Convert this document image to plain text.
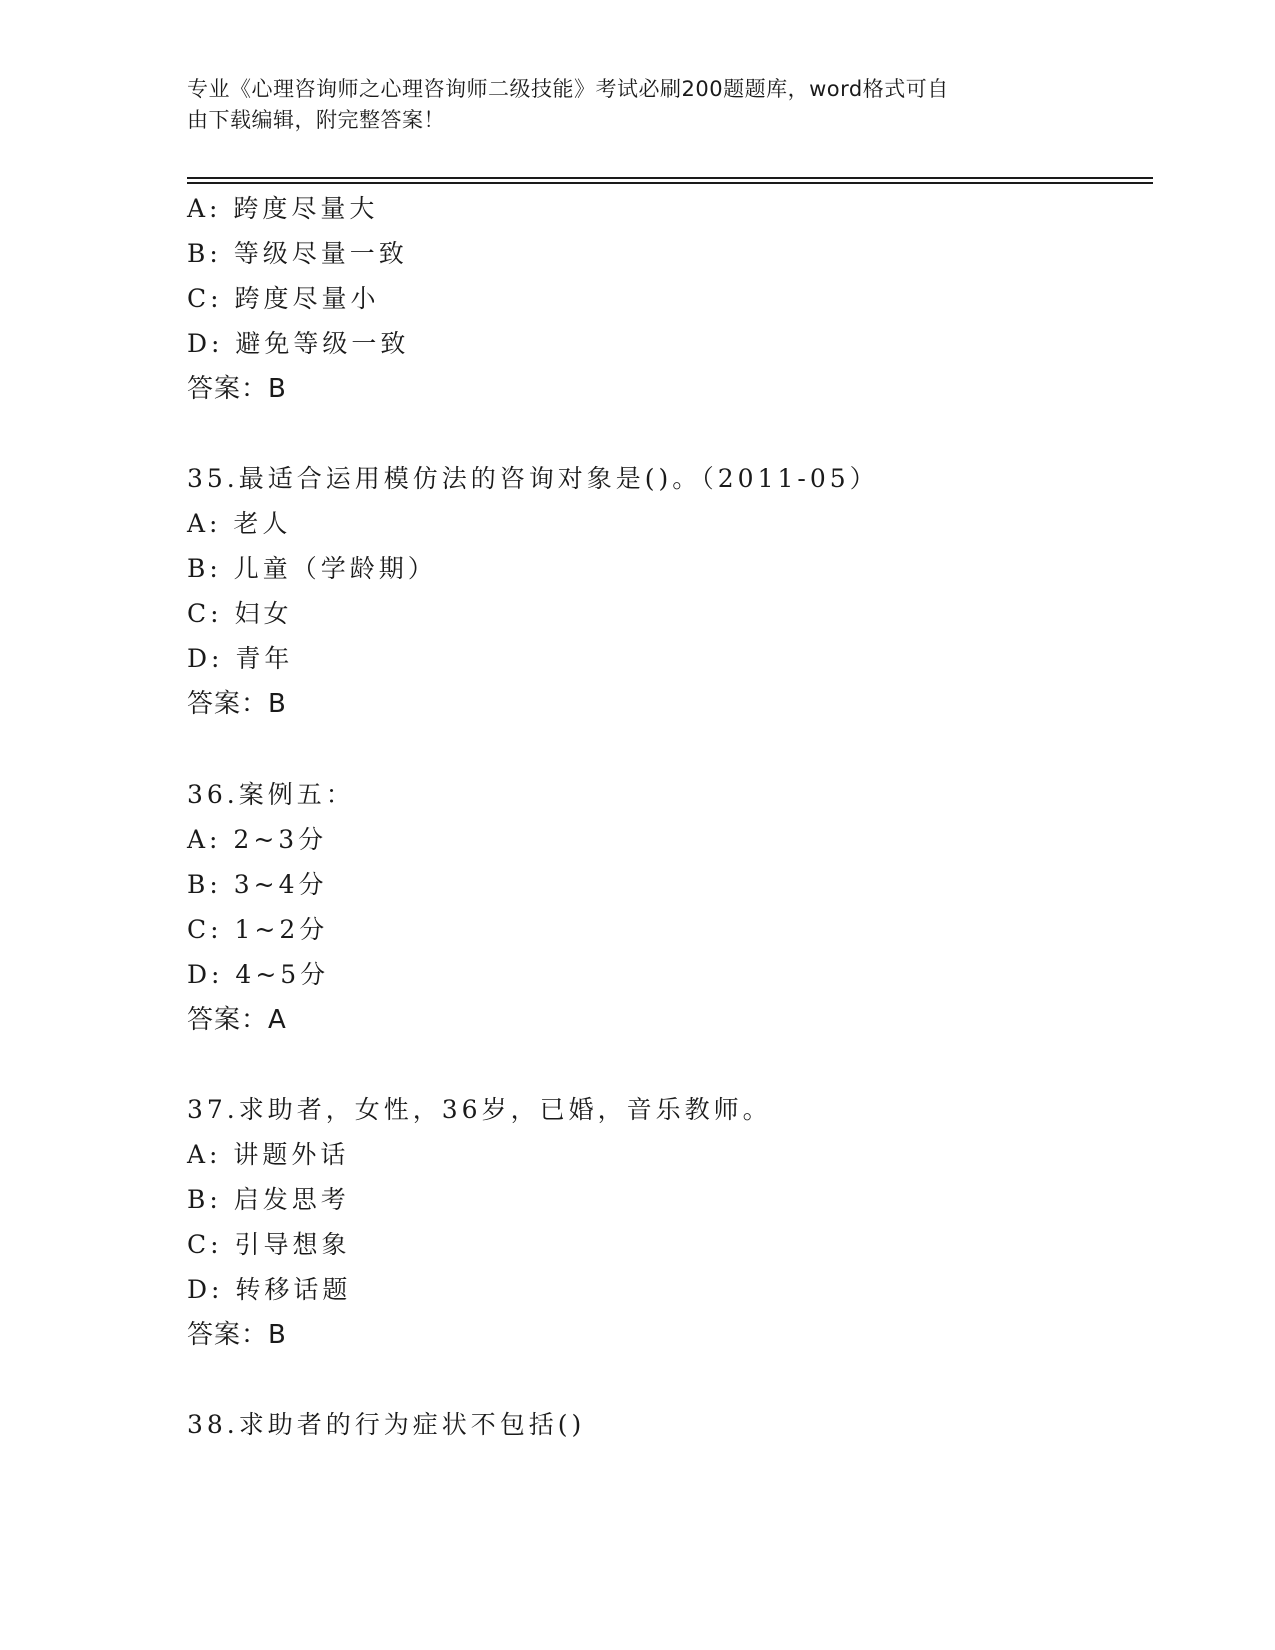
专业《心理咨询师之心理咨询师二级技能》考试必刷200题题库，word格式可自
由下载编辑，附完整答案！
A: 跨度尽量大
B: 等级尽量一致
C: 跨度尽量小
D: 避免等级一致
答案：B
35.最适合运用模仿法的咨询对象是()。（2011-05）
A: 老人
B: 儿童（学龄期）
C: 妇女
D: 青年
答案：B
36.案例五：
A: 2~3分
B: 3~4分
C: 1~2分
D: 4~5分
答案：A
37.求助者，女性，36岁，已婚，音乐教师。
A: 讲题外话
B: 启发思考
C: 引导想象
D: 转移话题
答案：B
38.求助者的行为症状不包括()
